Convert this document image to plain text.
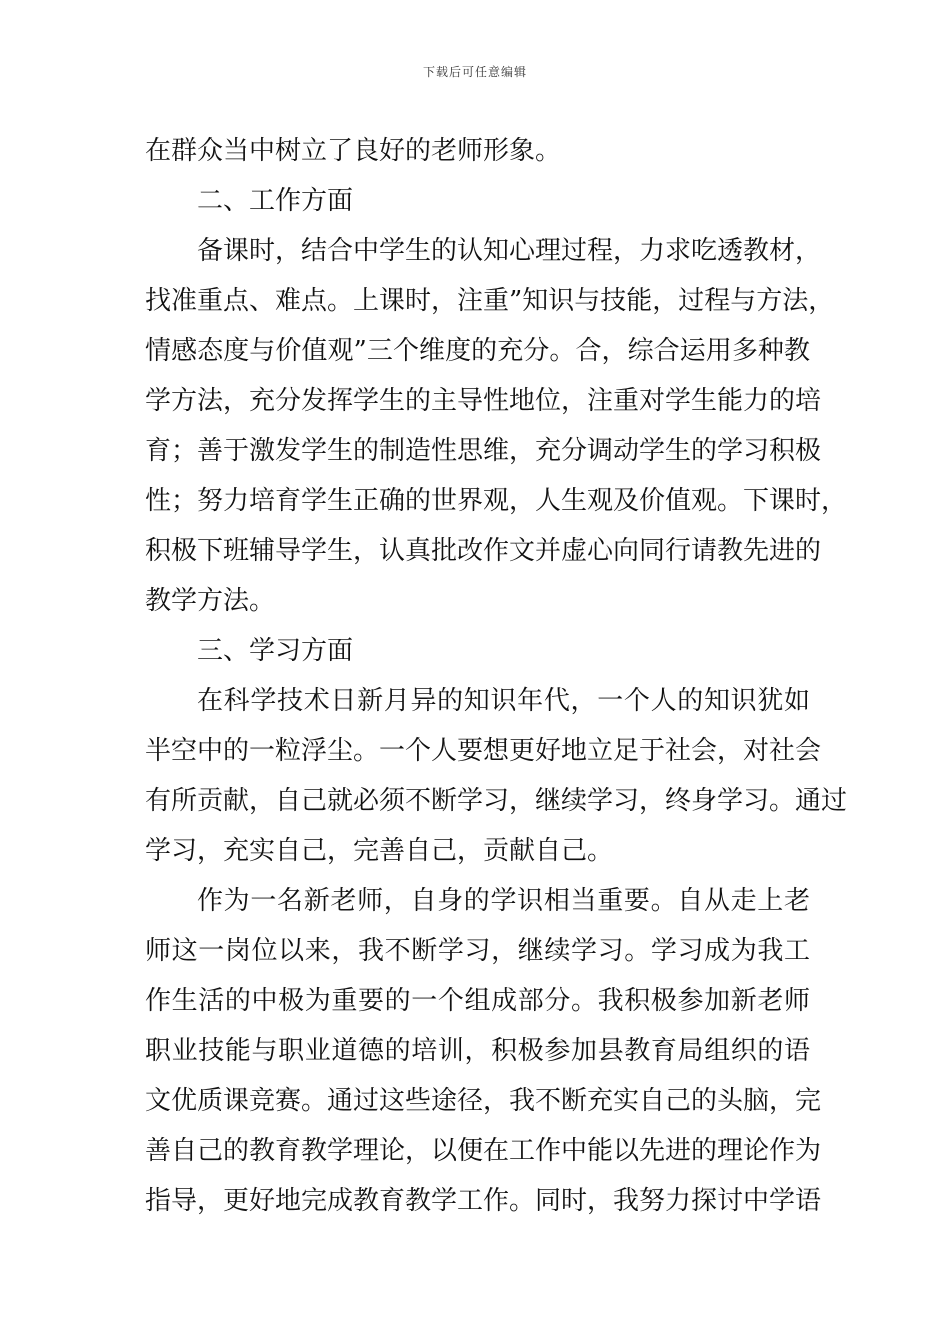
下载后可任意编辑
在群众当中树立了良好的老师形象。
二、工作方面
备课时，结合中学生的认知心理过程，力求吃透教材，
找准重点、难点。上课时，注重”知识与技能，过程与方法，
情感态度与价值观”三个维度的充分。合，综合运用多种教
学方法，充分发挥学生的主导性地位，注重对学生能力的培
育；善于激发学生的制造性思维，充分调动学生的学习积极
性；努力培育学生正确的世界观，人生观及价值观。下课时，
积极下班辅导学生，认真批改作文并虚心向同行请教先进的
教学方法。
三、学习方面
在科学技术日新月异的知识年代，一个人的知识犹如
半空中的一粒浮尘。一个人要想更好地立足于社会，对社会
有所贡献，自己就必须不断学习，继续学习，终身学习。通过
学习，充实自己，完善自己，贡献自己。
作为一名新老师，自身的学识相当重要。自从走上老
师这一岗位以来，我不断学习，继续学习。学习成为我工
作生活的中极为重要的一个组成部分。我积极参加新老师
职业技能与职业道德的培训，积极参加县教育局组织的语
文优质课竞赛。通过这些途径，我不断充实自己的头脑，完
善自己的教育教学理论，以便在工作中能以先进的理论作为
指导，更好地完成教育教学工作。同时，我努力探讨中学语
